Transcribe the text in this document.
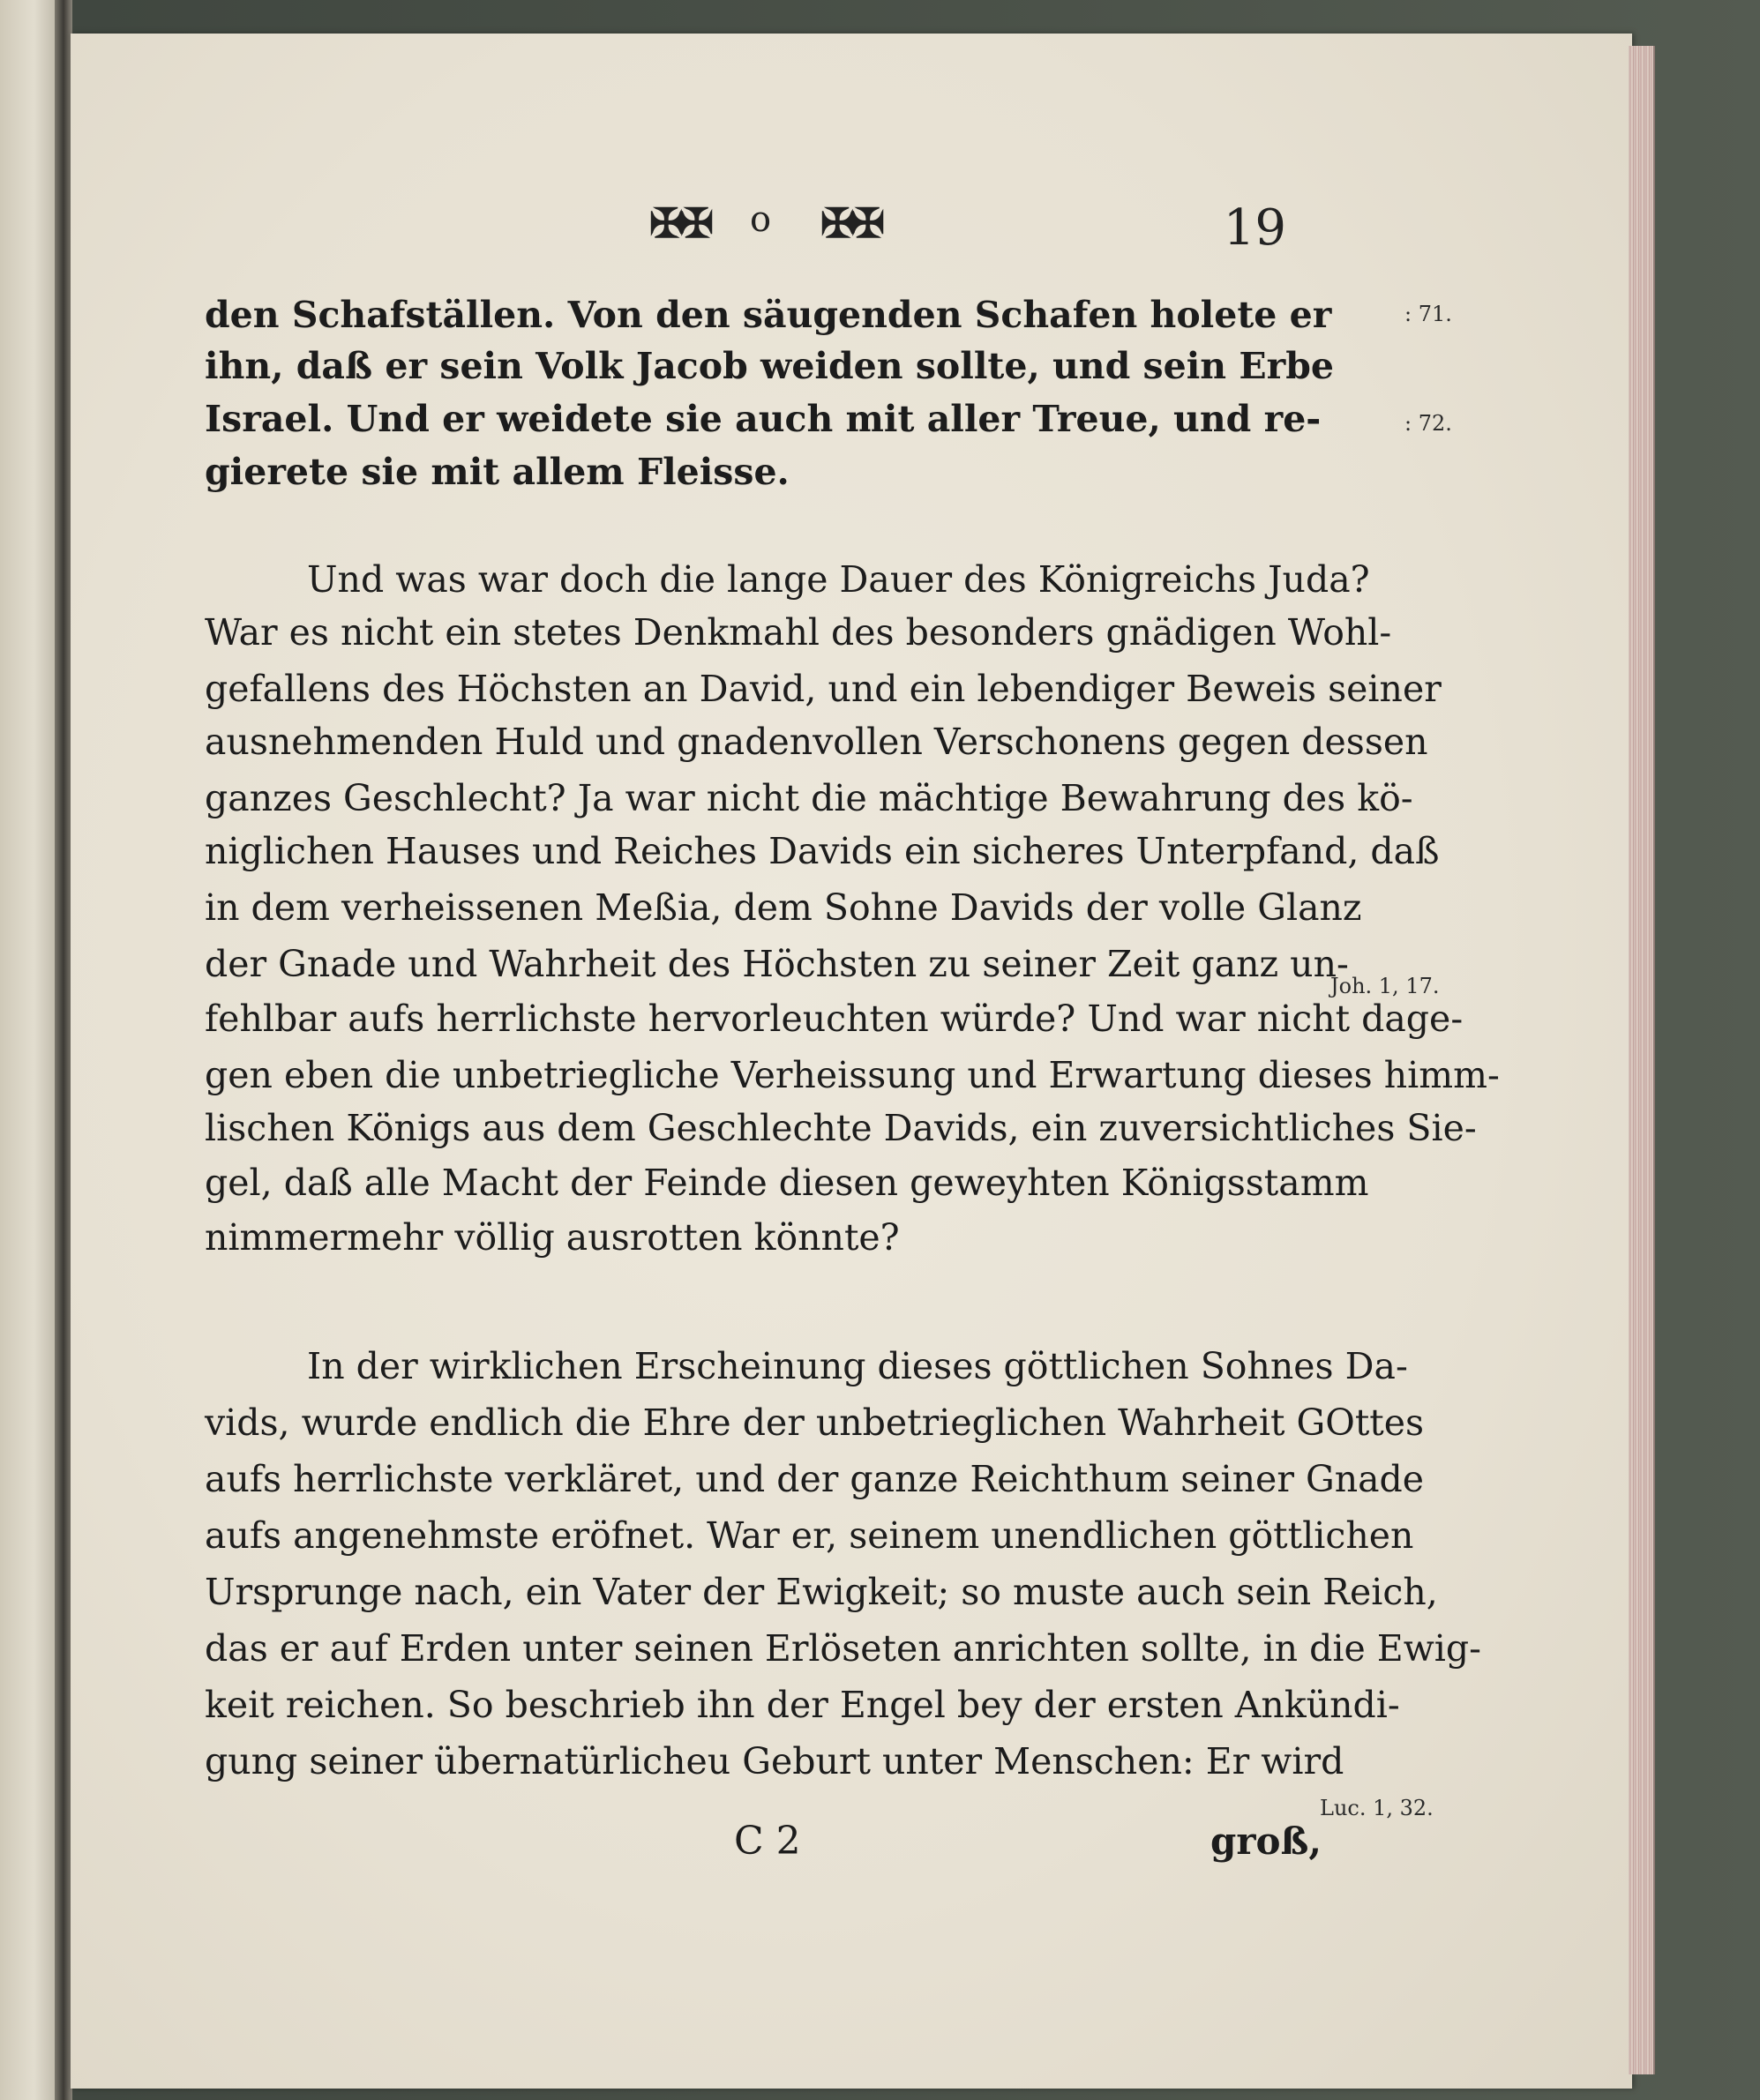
✠✠ o ✠✠	19
den Schafställen. Von den säugenden Schafen holete er
ihn, daß er sein Volk Jacob weiden sollte, und sein Erbe
Israel. Und er weidete sie auch mit aller Treue, und re-
gierete sie mit allem Fleisse.
Und was war doch die lange Dauer des Königreichs Juda?
War es nicht ein stetes Denkmahl des besonders gnädigen Wohl-
gefallens des Höchsten an David, und ein lebendiger Beweis seiner
ausnehmenden Huld und gnadenvollen Verschonens gegen dessen
ganzes Geschlecht? Ja war nicht die mächtige Bewahrung des kö-
niglichen Hauses und Reiches Davids ein sicheres Unterpfand, daß
in dem verheissenen Meßia, dem Sohne Davids der volle Glanz
der Gnade und Wahrheit des Höchsten zu seiner Zeit ganz un-
fehlbar aufs herrlichste hervorleuchten würde? Und war nicht dage-
gen eben die unbetriegliche Verheissung und Erwartung dieses himm-
lischen Königs aus dem Geschlechte Davids, ein zuversichtliches Sie-
gel, daß alle Macht der Feinde diesen geweyhten Königsstamm
nimmermehr völlig ausrotten könnte?
In der wirklichen Erscheinung dieses göttlichen Sohnes Da-
vids, wurde endlich die Ehre der unbetrieglichen Wahrheit GOttes
aufs herrlichste verkläret, und der ganze Reichthum seiner Gnade
aufs angenehmste eröfnet. War er, seinem unendlichen göttlichen
Ursprunge nach, ein Vater der Ewigkeit; so muste auch sein Reich,
das er auf Erden unter seinen Erlöseten anrichten sollte, in die Ewig-
keit reichen. So beschrieb ihn der Engel bey der ersten Ankündi-
gung seiner übernatürlicheu Geburt unter Menschen: Er wird
: 71.
: 72.
Joh. 1, 17.
Luc. 1, 32.
C 2	groß,
